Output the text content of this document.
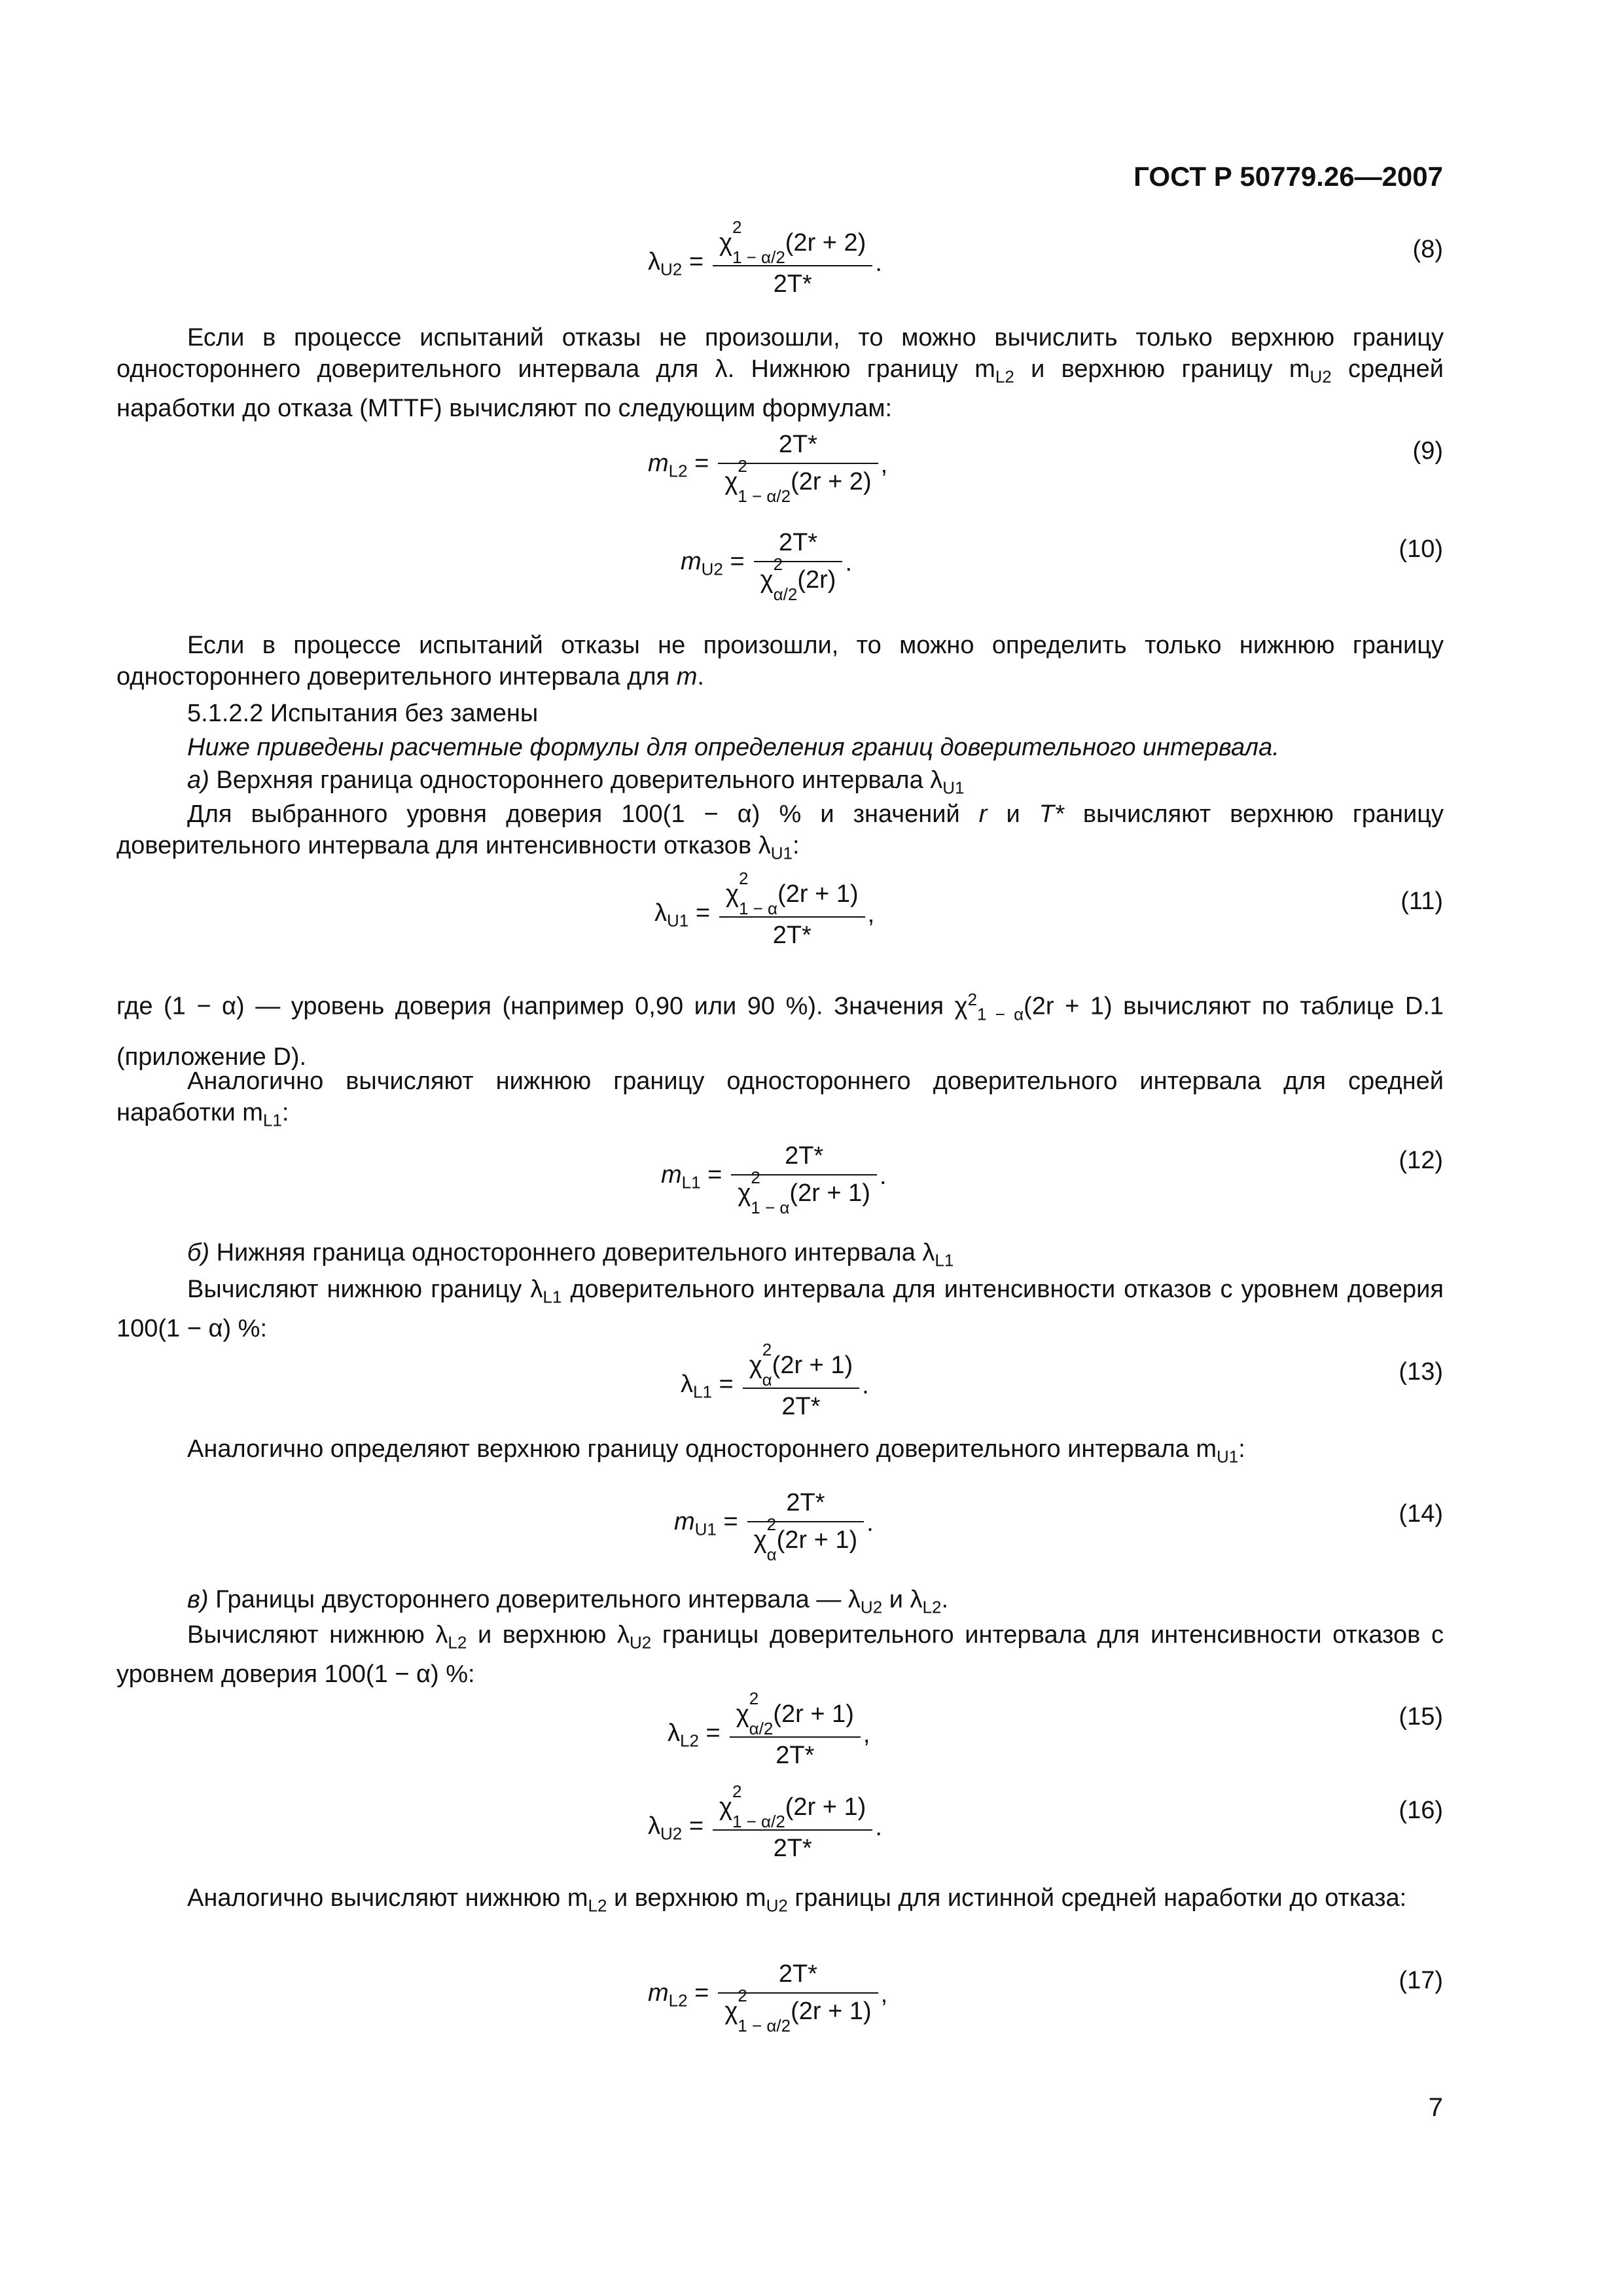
ГОСТ Р 50779.26—2007
$\lambda_{U2} = \chi$
2
$_{1 - \alpha/2}$(2r + 2)
2T* .
(8)
Если в процессе испытаний отказы не произошли, то можно вычислить только верхнюю границу одностороннего доверительного интервала для λ. Нижнюю границу $m_{L2}$ и верхнюю границу $m_{U2}$ средней наработки до отказа (MTTF) вычисляют по следующим формулам:
$m_{L2} = 2T*$
χ
2
$_{1 - \alpha/2}$(2r + 2) ,
(9)
$m_{U2} = 2T*$
χ
2
$_{\alpha/2}$(2r) .
(10)
Если в процессе испытаний отказы не произошли, то можно определить только нижнюю границу одностороннего доверительного интервала для m.
5.1.2.2 Испытания без замены
Ниже приведены расчетные формулы для определения границ доверительного интервала.
а) Верхняя граница одностороннего доверительного интервала $\lambda_{U1}$
Для выбранного уровня доверия 100(1 − α) % и значений r и T* вычисляют верхнюю границу доверительного интервала для интенсивности отказов $\lambda_{U1}$:
$\lambda_{U1} = \chi$
2
$_{1 - \alpha}$(2r + 1)
2T* ,	(11)
где (1 − α) — уровень доверия (например 0,90 или 90 %). Значения $\chi^2_{1 - \alpha}(2r + 1)$ вычисляют по таблице D.1 (приложение D).
Аналогично вычисляют нижнюю границу одностороннего доверительного интервала для средней наработки $m_{L1}$:
$m_{L1} = 2T*$
χ
2
$_{1 - \alpha}$(2r + 1) .
(12)
б) Нижняя граница одностороннего доверительного интервала $\lambda_{L1}$
Вычисляют нижнюю границу $\lambda_{L1}$ доверительного интервала для интенсивности отказов с уровнем доверия 100(1 − α) %:
$\lambda_{L1} = \chi$
2
$_\alpha$(2r + 1)
2T* .
(13)
Аналогично определяют верхнюю границу одностороннего доверительного интервала $m_{U1}$:
$m_{U1} = 2T*$
χ
2
$_\alpha$(2r + 1) .	(14)
в) Границы двустороннего доверительного интервала — $\lambda_{U2}$ и $\lambda_{L2}$.
Вычисляют нижнюю $\lambda_{L2}$ и верхнюю $\lambda_{U2}$ границы доверительного интервала для интенсивности отказов с уровнем доверия 100(1 − α) %:
$\lambda_{L2} = \chi$
2
$_{\alpha/2}$(2r + 1)
2T* ,
(15)
$\lambda_{U2} = \chi$
2
$_{1 - \alpha/2}$(2r + 1)
2T* .
(16)
Аналогично вычисляют нижнюю $m_{L2}$ и верхнюю $m_{U2}$ границы для истинной средней наработки до отказа:
$m_{L2} = 2T*$
χ
2
$_{1 - \alpha/2}$(2r + 1) ,
(17)
7
